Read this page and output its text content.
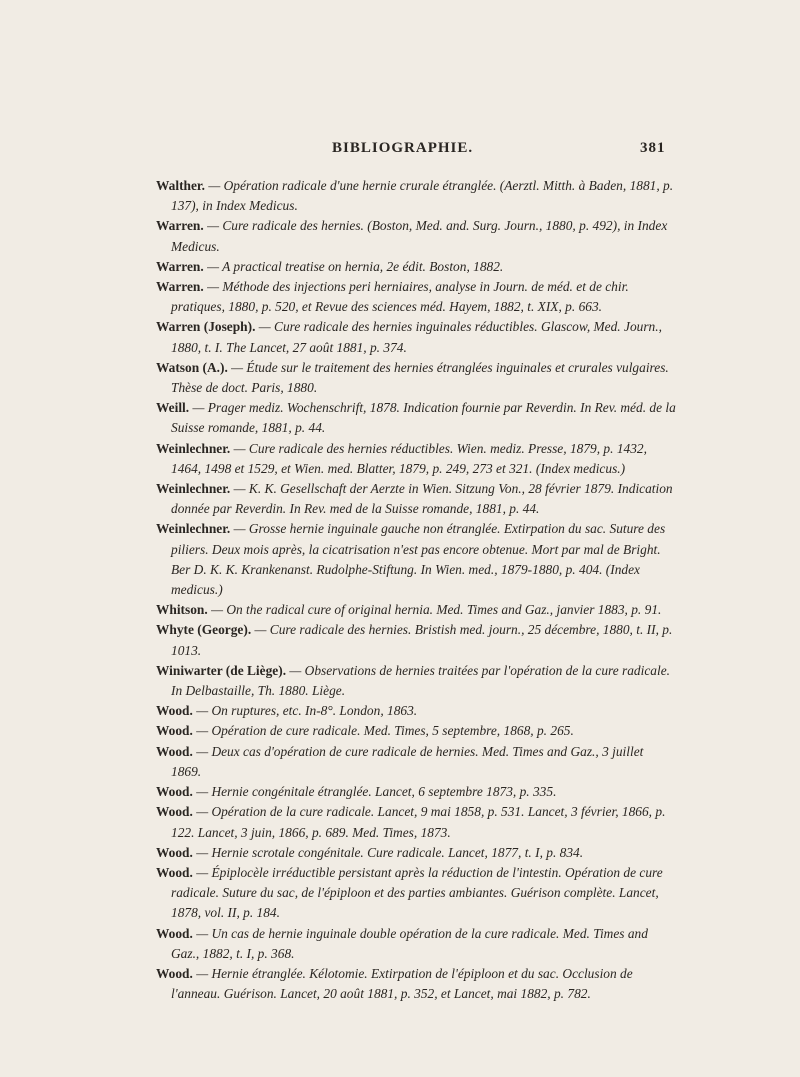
BIBLIOGRAPHIE.	381

Walther. — Opération radicale d'une hernie crurale étranglée. (Aerztl. Mitth. à Baden, 1881, p. 137), in Index Medicus.

Warren. — Cure radicale des hernies. (Boston, Med. and. Surg. Journ., 1880, p. 492), in Index Medicus.

Warren. — A practical treatise on hernia, 2e édit. Boston, 1882.

Warren. — Méthode des injections peri herniaires, analyse in Journ. de méd. et de chir. pratiques, 1880, p. 520, et Revue des sciences méd. Hayem, 1882, t. XIX, p. 663.

Warren (Joseph). — Cure radicale des hernies inguinales réductibles. Glascow, Med. Journ., 1880, t. I. The Lancet, 27 août 1881, p. 374.

Watson (A.). — Étude sur le traitement des hernies étranglées inguinales et crurales vulgaires. Thèse de doct. Paris, 1880.

Weill. — Prager mediz. Wochenschrift, 1878. Indication fournie par Reverdin. In Rev. méd. de la Suisse romande, 1881, p. 44.

Weinlechner. — Cure radicale des hernies réductibles. Wien. mediz. Presse, 1879, p. 1432, 1464, 1498 et 1529, et Wien. med. Blatter, 1879, p. 249, 273 et 321. (Index medicus.)

Weinlechner. — K. K. Gesellschaft der Aerzte in Wien. Sitzung Von., 28 février 1879. Indication donnée par Reverdin. In Rev. med de la Suisse romande, 1881, p. 44.

Weinlechner. — Grosse hernie inguinale gauche non étranglée. Extirpation du sac. Suture des piliers. Deux mois après, la cicatrisation n'est pas encore obtenue. Mort par mal de Bright. Ber D. K. K. Krankenanst. Rudolphe-Stiftung. In Wien. med., 1879-1880, p. 404. (Index medicus.)

Whitson. — On the radical cure of original hernia. Med. Times and Gaz., janvier 1883, p. 91.

Whyte (George). — Cure radicale des hernies. Bristish med. journ., 25 décembre, 1880, t. II, p. 1013.

Winiwarter (de Liège). — Observations de hernies traitées par l'opération de la cure radicale. In Delbastaille, Th. 1880. Liège.

Wood. — On ruptures, etc. In-8°. London, 1863.

Wood. — Opération de cure radicale. Med. Times, 5 septembre, 1868, p. 265.

Wood. — Deux cas d'opération de cure radicale de hernies. Med. Times and Gaz., 3 juillet 1869.

Wood. — Hernie congénitale étranglée. Lancet, 6 septembre 1873, p. 335.

Wood. — Opération de la cure radicale. Lancet, 9 mai 1858, p. 531. Lancet, 3 février, 1866, p. 122. Lancet, 3 juin, 1866, p. 689. Med. Times, 1873.

Wood. — Hernie scrotale congénitale. Cure radicale. Lancet, 1877, t. I, p. 834.

Wood. — Épiplocèle irréductible persistant après la réduction de l'intestin. Opération de cure radicale. Suture du sac, de l'épiploon et des parties ambiantes. Guérison complète. Lancet, 1878, vol. II, p. 184.

Wood. — Un cas de hernie inguinale double opération de la cure radicale. Med. Times and Gaz., 1882, t. I, p. 368.

Wood. — Hernie étranglée. Kélotomie. Extirpation de l'épiploon et du sac. Occlusion de l'anneau. Guérison. Lancet, 20 août 1881, p. 352, et Lancet, mai 1882, p. 782.
